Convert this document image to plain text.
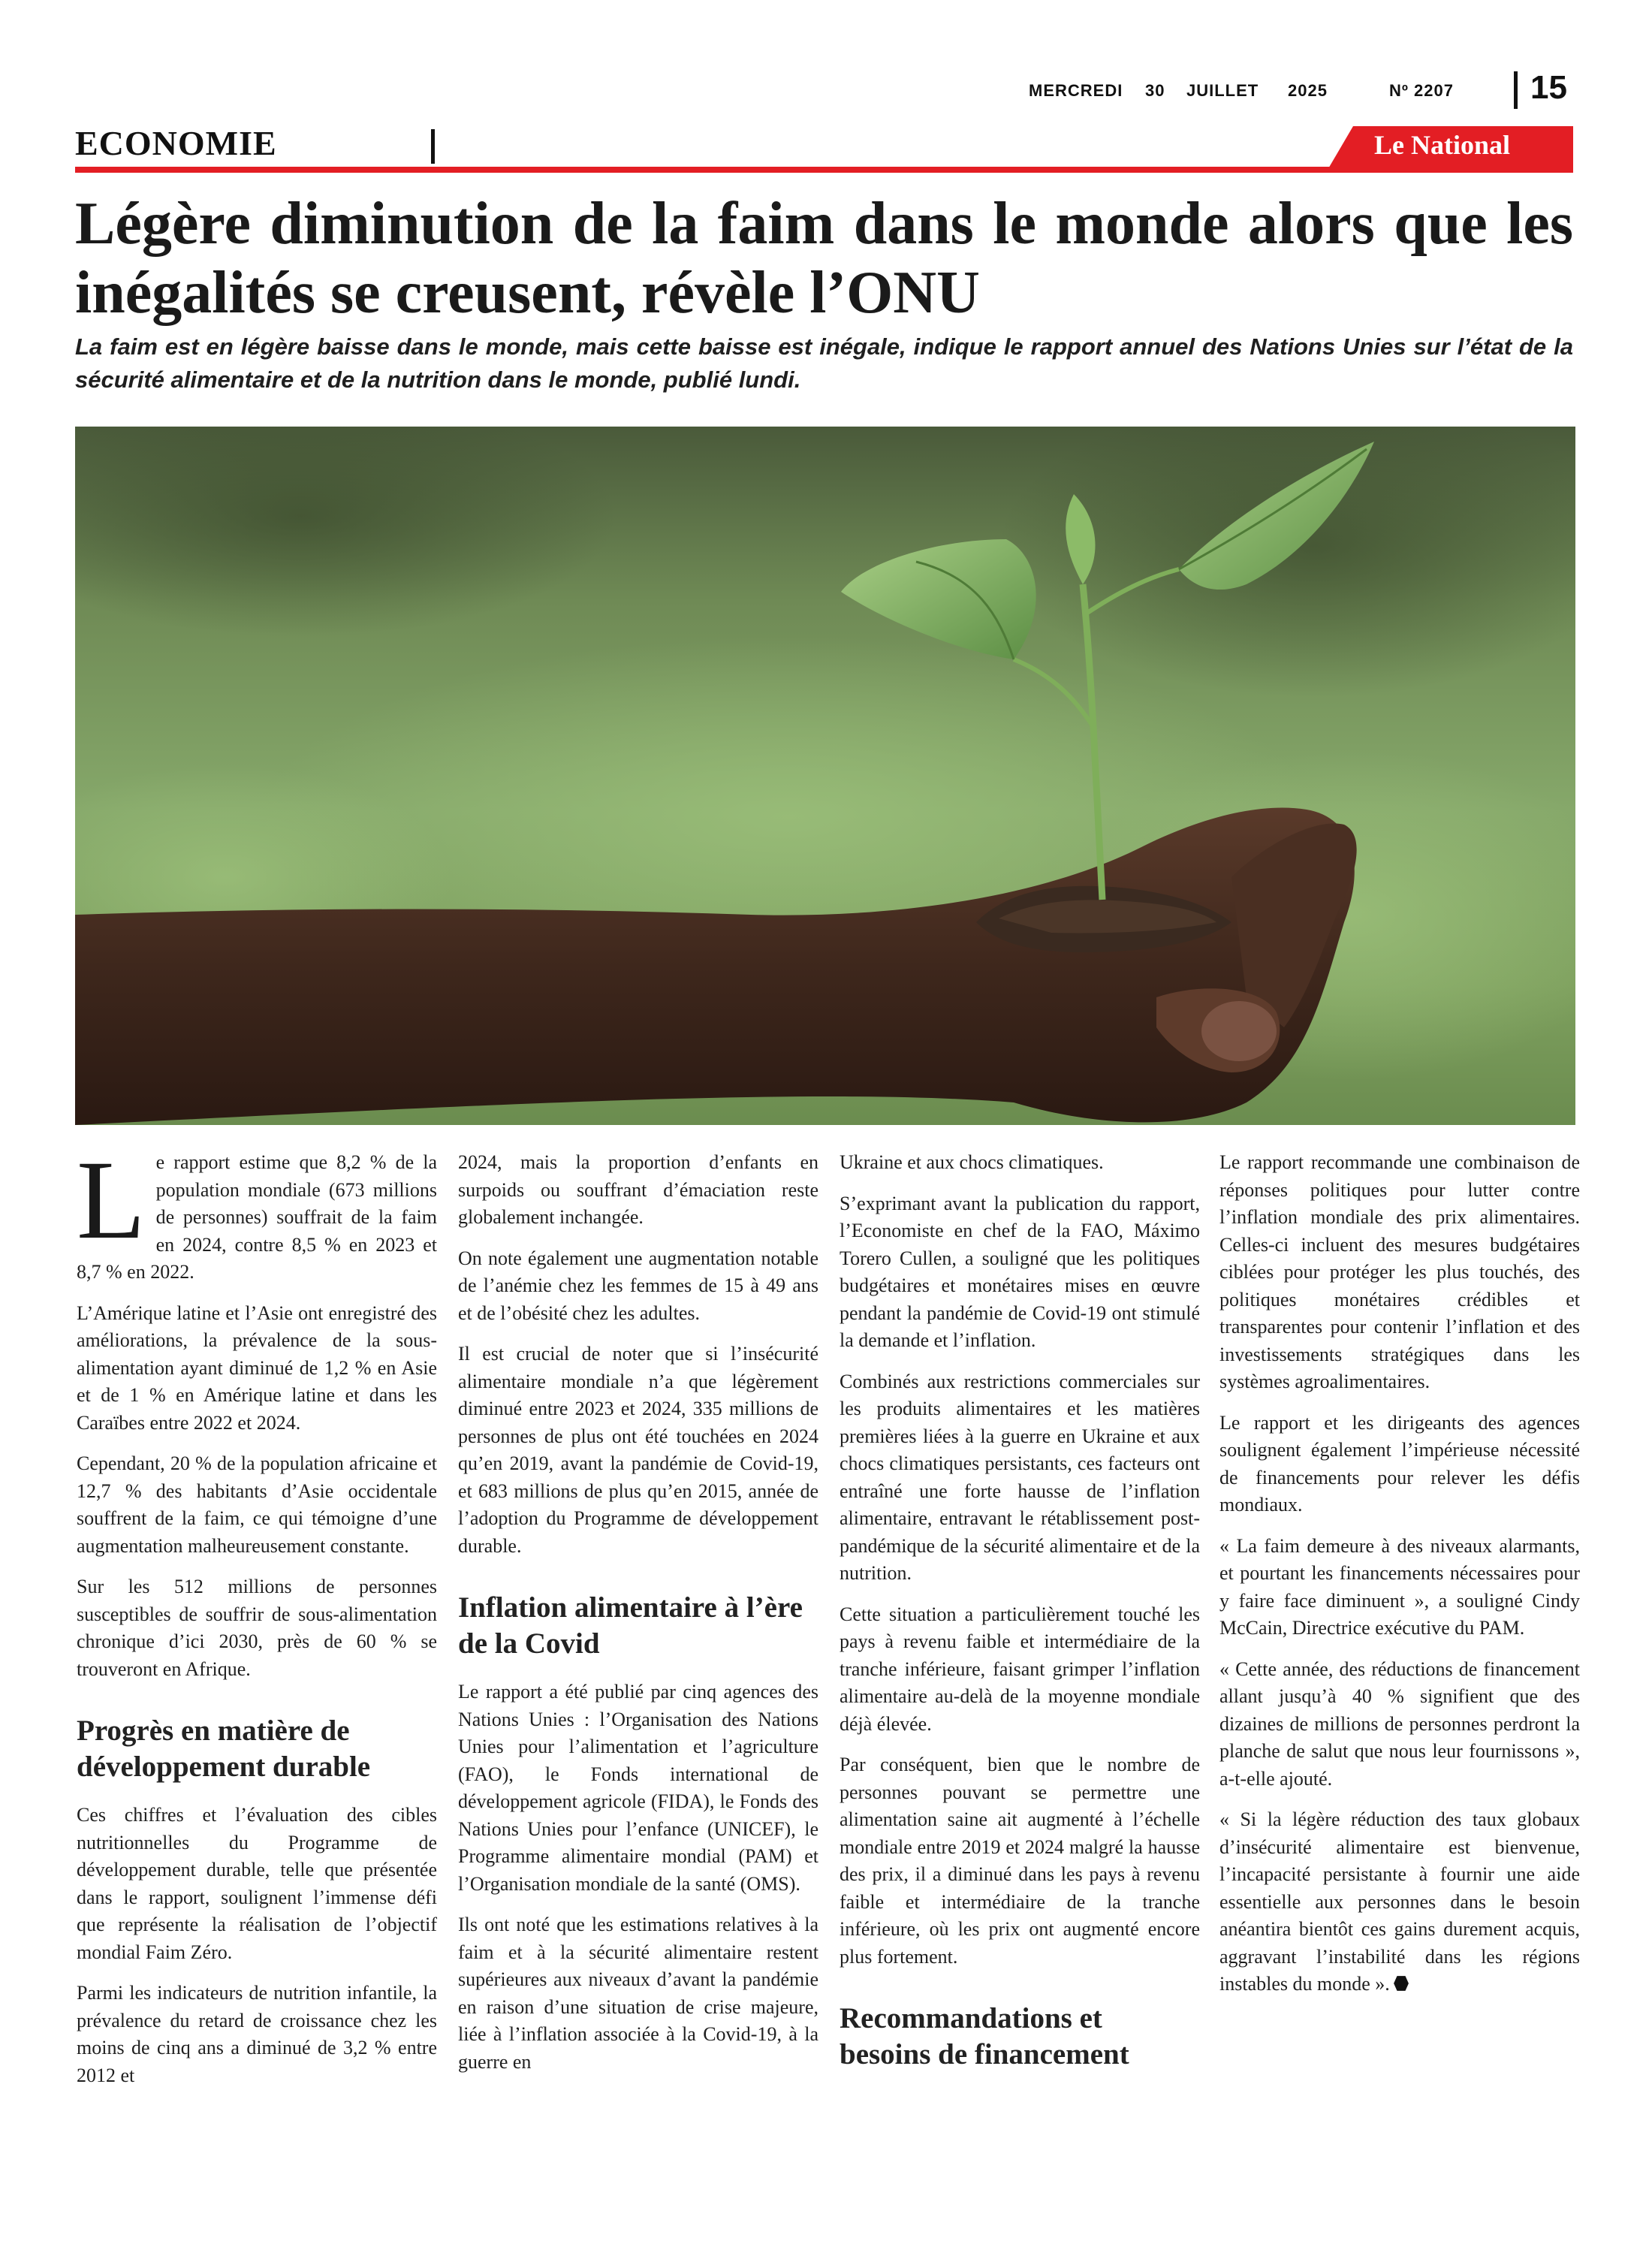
MERCREDI 30 JUILLET 2025	Nº 2207 15
ECONOMIE	Le National
Légère diminution de la faim dans le monde alors que les inégalités se creusent, révèle l’ONU

La faim est en légère baisse dans le monde, mais cette baisse est inégale, indique le rapport annuel des Nations Unies sur l’état de la sécurité alimentaire et de la nutrition dans le monde, publié lundi.

Le rapport estime que 8,2 % de la population mondiale (673 millions de personnes) souffrait de la faim en 2024, contre 8,5 % en 2023 et 8,7 % en 2022.

L’Amérique latine et l’Asie ont enregistré des améliorations, la prévalence de la sous-alimentation ayant diminué de 1,2 % en Asie et de 1 % en Amérique latine et dans les Caraïbes entre 2022 et 2024.

Cependant, 20 % de la population africaine et 12,7 % des habitants d’Asie occidentale souffrent de la faim, ce qui témoigne d’une augmentation malheureusement constante.

Sur les 512 millions de personnes susceptibles de souffrir de sous-alimentation chronique d’ici 2030, près de 60 % se trouveront en Afrique.

Progrès en matière de développement durable

Ces chiffres et l’évaluation des cibles nutritionnelles du Programme de développement durable, telle que présentée dans le rapport, soulignent l’immense défi que représente la réalisation de l’objectif mondial Faim Zéro.

Parmi les indicateurs de nutrition infantile, la prévalence du retard de croissance chez les moins de cinq ans a diminué de 3,2 % entre 2012 et

2024, mais la proportion d’enfants en surpoids ou souffrant d’émaciation reste globalement inchangée.

On note également une augmentation notable de l’anémie chez les femmes de 15 à 49 ans et de l’obésité chez les adultes.

Il est crucial de noter que si l’insécurité alimentaire mondiale n’a que légèrement diminué entre 2023 et 2024, 335 millions de personnes de plus ont été touchées en 2024 qu’en 2019, avant la pandémie de Covid-19, et 683 millions de plus qu’en 2015, année de l’adoption du Programme de développement durable.

Inflation alimentaire à l’ère de la Covid

Le rapport a été publié par cinq agences des Nations Unies : l’Organisation des Nations Unies pour l’alimentation et l’agriculture (FAO), le Fonds international de développement agricole (FIDA), le Fonds des Nations Unies pour l’enfance (UNICEF), le Programme alimentaire mondial (PAM) et l’Organisation mondiale de la santé (OMS).

Ils ont noté que les estimations relatives à la faim et à la sécurité alimentaire restent supérieures aux niveaux d’avant la pandémie en raison d’une situation de crise majeure, liée à l’inflation associée à la Covid-19, à la guerre en

Ukraine et aux chocs climatiques.

S’exprimant avant la publication du rapport, l’Economiste en chef de la FAO, Máximo Torero Cullen, a souligné que les politiques budgétaires et monétaires mises en œuvre pendant la pandémie de Covid-19 ont stimulé la demande et l’inflation.

Combinés aux restrictions commerciales sur les produits alimentaires et les matières premières liées à la guerre en Ukraine et aux chocs climatiques persistants, ces facteurs ont entraîné une forte hausse de l’inflation alimentaire, entravant le rétablissement post-pandémique de la sécurité alimentaire et de la nutrition.

Cette situation a particulièrement touché les pays à revenu faible et intermédiaire de la tranche inférieure, faisant grimper l’inflation alimentaire au-delà de la moyenne mondiale déjà élevée.

Par conséquent, bien que le nombre de personnes pouvant se permettre une alimentation saine ait augmenté à l’échelle mondiale entre 2019 et 2024 malgré la hausse des prix, il a diminué dans les pays à revenu faible et intermédiaire de la tranche inférieure, où les prix ont augmenté encore plus fortement.

Recommandations et besoins de financement

Le rapport recommande une combinaison de réponses politiques pour lutter contre l’inflation mondiale des prix alimentaires. Celles-ci incluent des mesures budgétaires ciblées pour protéger les plus touchés, des politiques monétaires crédibles et transparentes pour contenir l’inflation et des investissements stratégiques dans les systèmes agroalimentaires.

Le rapport et les dirigeants des agences soulignent également l’impérieuse nécessité de financements pour relever les défis mondiaux.

« La faim demeure à des niveaux alarmants, et pourtant les financements nécessaires pour y faire face diminuent », a souligné Cindy McCain, Directrice exécutive du PAM.

« Cette année, des réductions de financement allant jusqu’à 40 % signifient que des dizaines de millions de personnes perdront la planche de salut que nous leur fournissons », a-t-elle ajouté.

« Si la légère réduction des taux globaux d’insécurité alimentaire est bienvenue, l’incapacité persistante à fournir une aide essentielle aux personnes dans le besoin anéantira bientôt ces gains durement acquis, aggravant l’instabilité dans les régions instables du monde ».
